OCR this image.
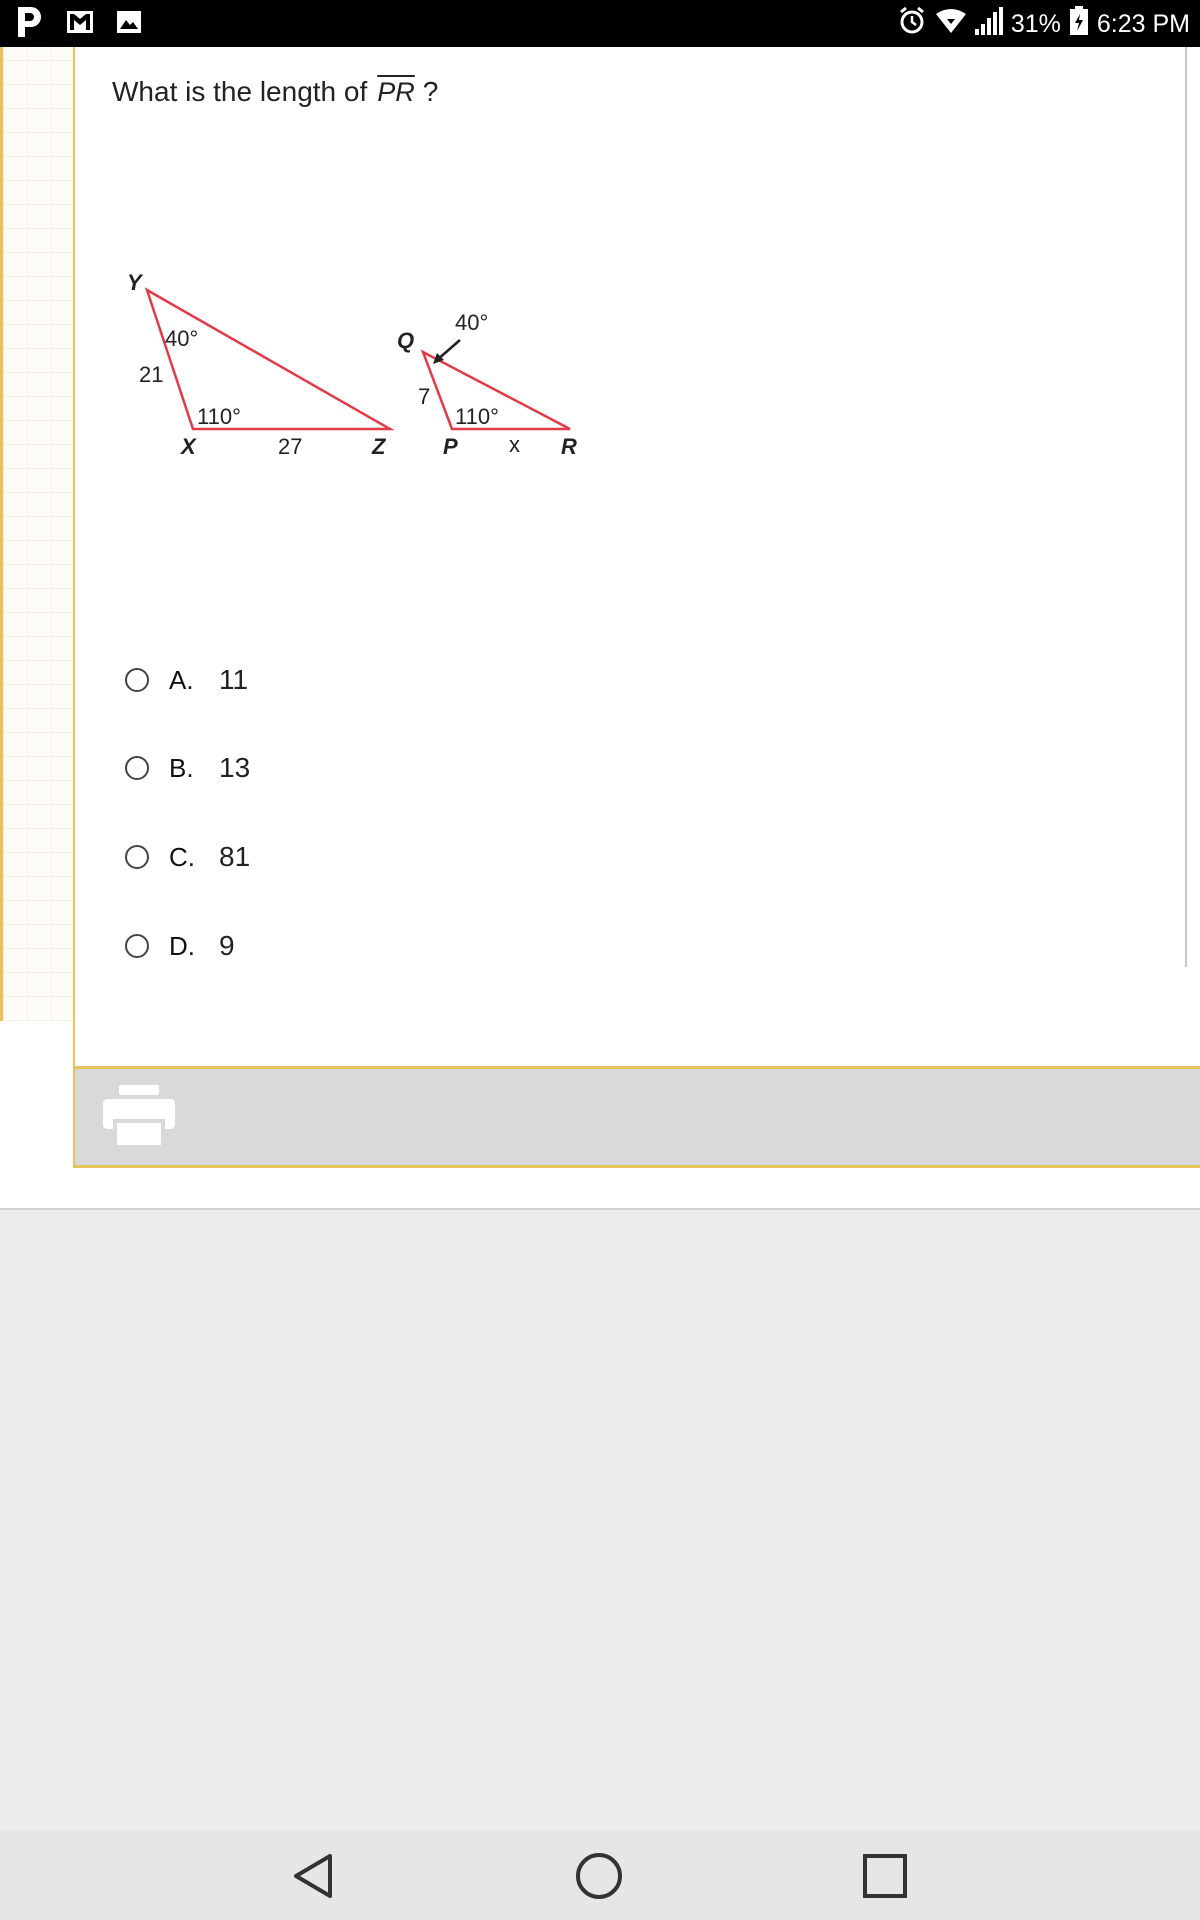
31% 6:23 PM
What is the length of $\overline{PR}$ ?
Y
X	Z
40°
110°
21
27
Q
P	R
40°
110°
7
x
A. 11
B. 13
C. 81
D. 9
